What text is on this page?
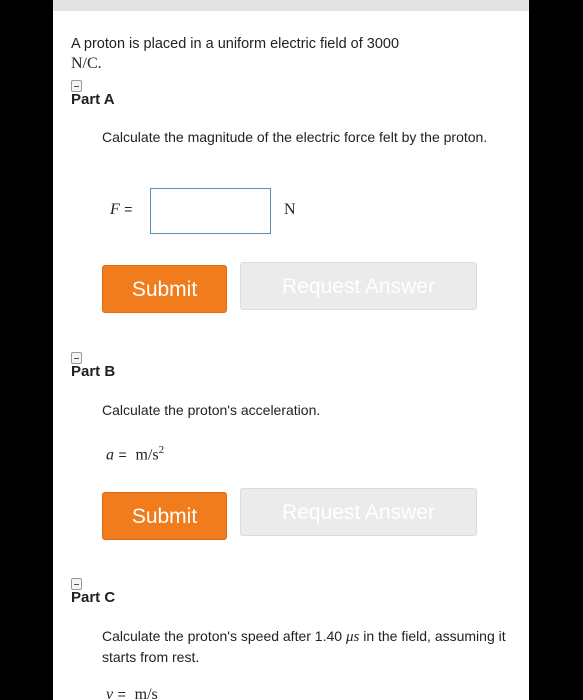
A proton is placed in a uniform electric field of 3000
N/C.
Part A
Calculate the magnitude of the electric force felt by the proton.
F =	N
Submit	Request Answer
Part B
Calculate the proton's acceleration.
$a = m/s^2$
Submit	Request Answer
Part C
Calculate the proton's speed after 1.40 μs in the field, assuming it starts from rest.
v = m/s
